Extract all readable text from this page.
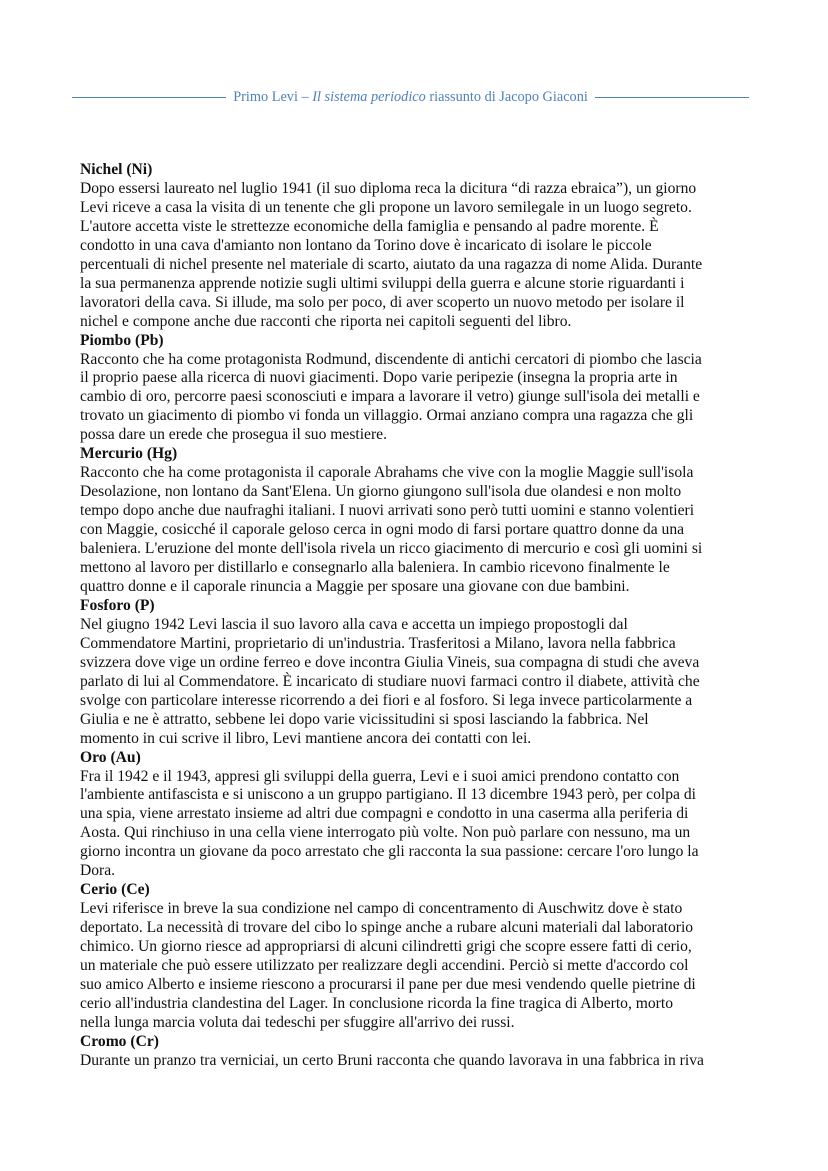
Primo Levi – Il sistema periodico riassunto di Jacopo Giaconi
Nichel (Ni)
Dopo essersi laureato nel luglio 1941 (il suo diploma reca la dicitura “di razza ebraica”), un giorno
Levi riceve a casa la visita di un tenente che gli propone un lavoro semilegale in un luogo segreto.
L'autore accetta viste le strettezze economiche della famiglia e pensando al padre morente. È
condotto in una cava d'amianto non lontano da Torino dove è incaricato di isolare le piccole
percentuali di nichel presente nel materiale di scarto, aiutato da una ragazza di nome Alida. Durante
la sua permanenza apprende notizie sugli ultimi sviluppi della guerra e alcune storie riguardanti i
lavoratori della cava. Si illude, ma solo per poco, di aver scoperto un nuovo metodo per isolare il
nichel e compone anche due racconti che riporta nei capitoli seguenti del libro.
Piombo (Pb)
Racconto che ha come protagonista Rodmund, discendente di antichi cercatori di piombo che lascia
il proprio paese alla ricerca di nuovi giacimenti. Dopo varie peripezie (insegna la propria arte in
cambio di oro, percorre paesi sconosciuti e impara a lavorare il vetro) giunge sull'isola dei metalli e
trovato un giacimento di piombo vi fonda un villaggio. Ormai anziano compra una ragazza che gli
possa dare un erede che prosegua il suo mestiere.
Mercurio (Hg)
Racconto che ha come protagonista il caporale Abrahams che vive con la moglie Maggie sull'isola
Desolazione, non lontano da Sant'Elena. Un giorno giungono sull'isola due olandesi e non molto
tempo dopo anche due naufraghi italiani. I nuovi arrivati sono però tutti uomini e stanno volentieri
con Maggie, cosicché il caporale geloso cerca in ogni modo di farsi portare quattro donne da una
baleniera. L'eruzione del monte dell'isola rivela un ricco giacimento di mercurio e così gli uomini si
mettono al lavoro per distillarlo e consegnarlo alla baleniera. In cambio ricevono finalmente le
quattro donne e il caporale rinuncia a Maggie per sposare una giovane con due bambini.
Fosforo (P)
Nel giugno 1942 Levi lascia il suo lavoro alla cava e accetta un impiego propostogli dal
Commendatore Martini, proprietario di un'industria. Trasferitosi a Milano, lavora nella fabbrica
svizzera dove vige un ordine ferreo e dove incontra Giulia Vineis, sua compagna di studi che aveva
parlato di lui al Commendatore. È incaricato di studiare nuovi farmaci contro il diabete, attività che
svolge con particolare interesse ricorrendo a dei fiori e al fosforo. Si lega invece particolarmente a
Giulia e ne è attratto, sebbene lei dopo varie vicissitudini si sposi lasciando la fabbrica. Nel
momento in cui scrive il libro, Levi mantiene ancora dei contatti con lei.
Oro (Au)
Fra il 1942 e il 1943, appresi gli sviluppi della guerra, Levi e i suoi amici prendono contatto con
l'ambiente antifascista e si uniscono a un gruppo partigiano. Il 13 dicembre 1943 però, per colpa di
una spia, viene arrestato insieme ad altri due compagni e condotto in una caserma alla periferia di
Aosta. Qui rinchiuso in una cella viene interrogato più volte. Non può parlare con nessuno, ma un
giorno incontra un giovane da poco arrestato che gli racconta la sua passione: cercare l'oro lungo la
Dora.
Cerio (Ce)
Levi riferisce in breve la sua condizione nel campo di concentramento di Auschwitz dove è stato
deportato. La necessità di trovare del cibo lo spinge anche a rubare alcuni materiali dal laboratorio
chimico. Un giorno riesce ad appropriarsi di alcuni cilindretti grigi che scopre essere fatti di cerio,
un materiale che può essere utilizzato per realizzare degli accendini. Perciò si mette d'accordo col
suo amico Alberto e insieme riescono a procurarsi il pane per due mesi vendendo quelle pietrine di
cerio all'industria clandestina del Lager. In conclusione ricorda la fine tragica di Alberto, morto
nella lunga marcia voluta dai tedeschi per sfuggire all'arrivo dei russi.
Cromo (Cr)
Durante un pranzo tra verniciai, un certo Bruni racconta che quando lavorava in una fabbrica in riva
